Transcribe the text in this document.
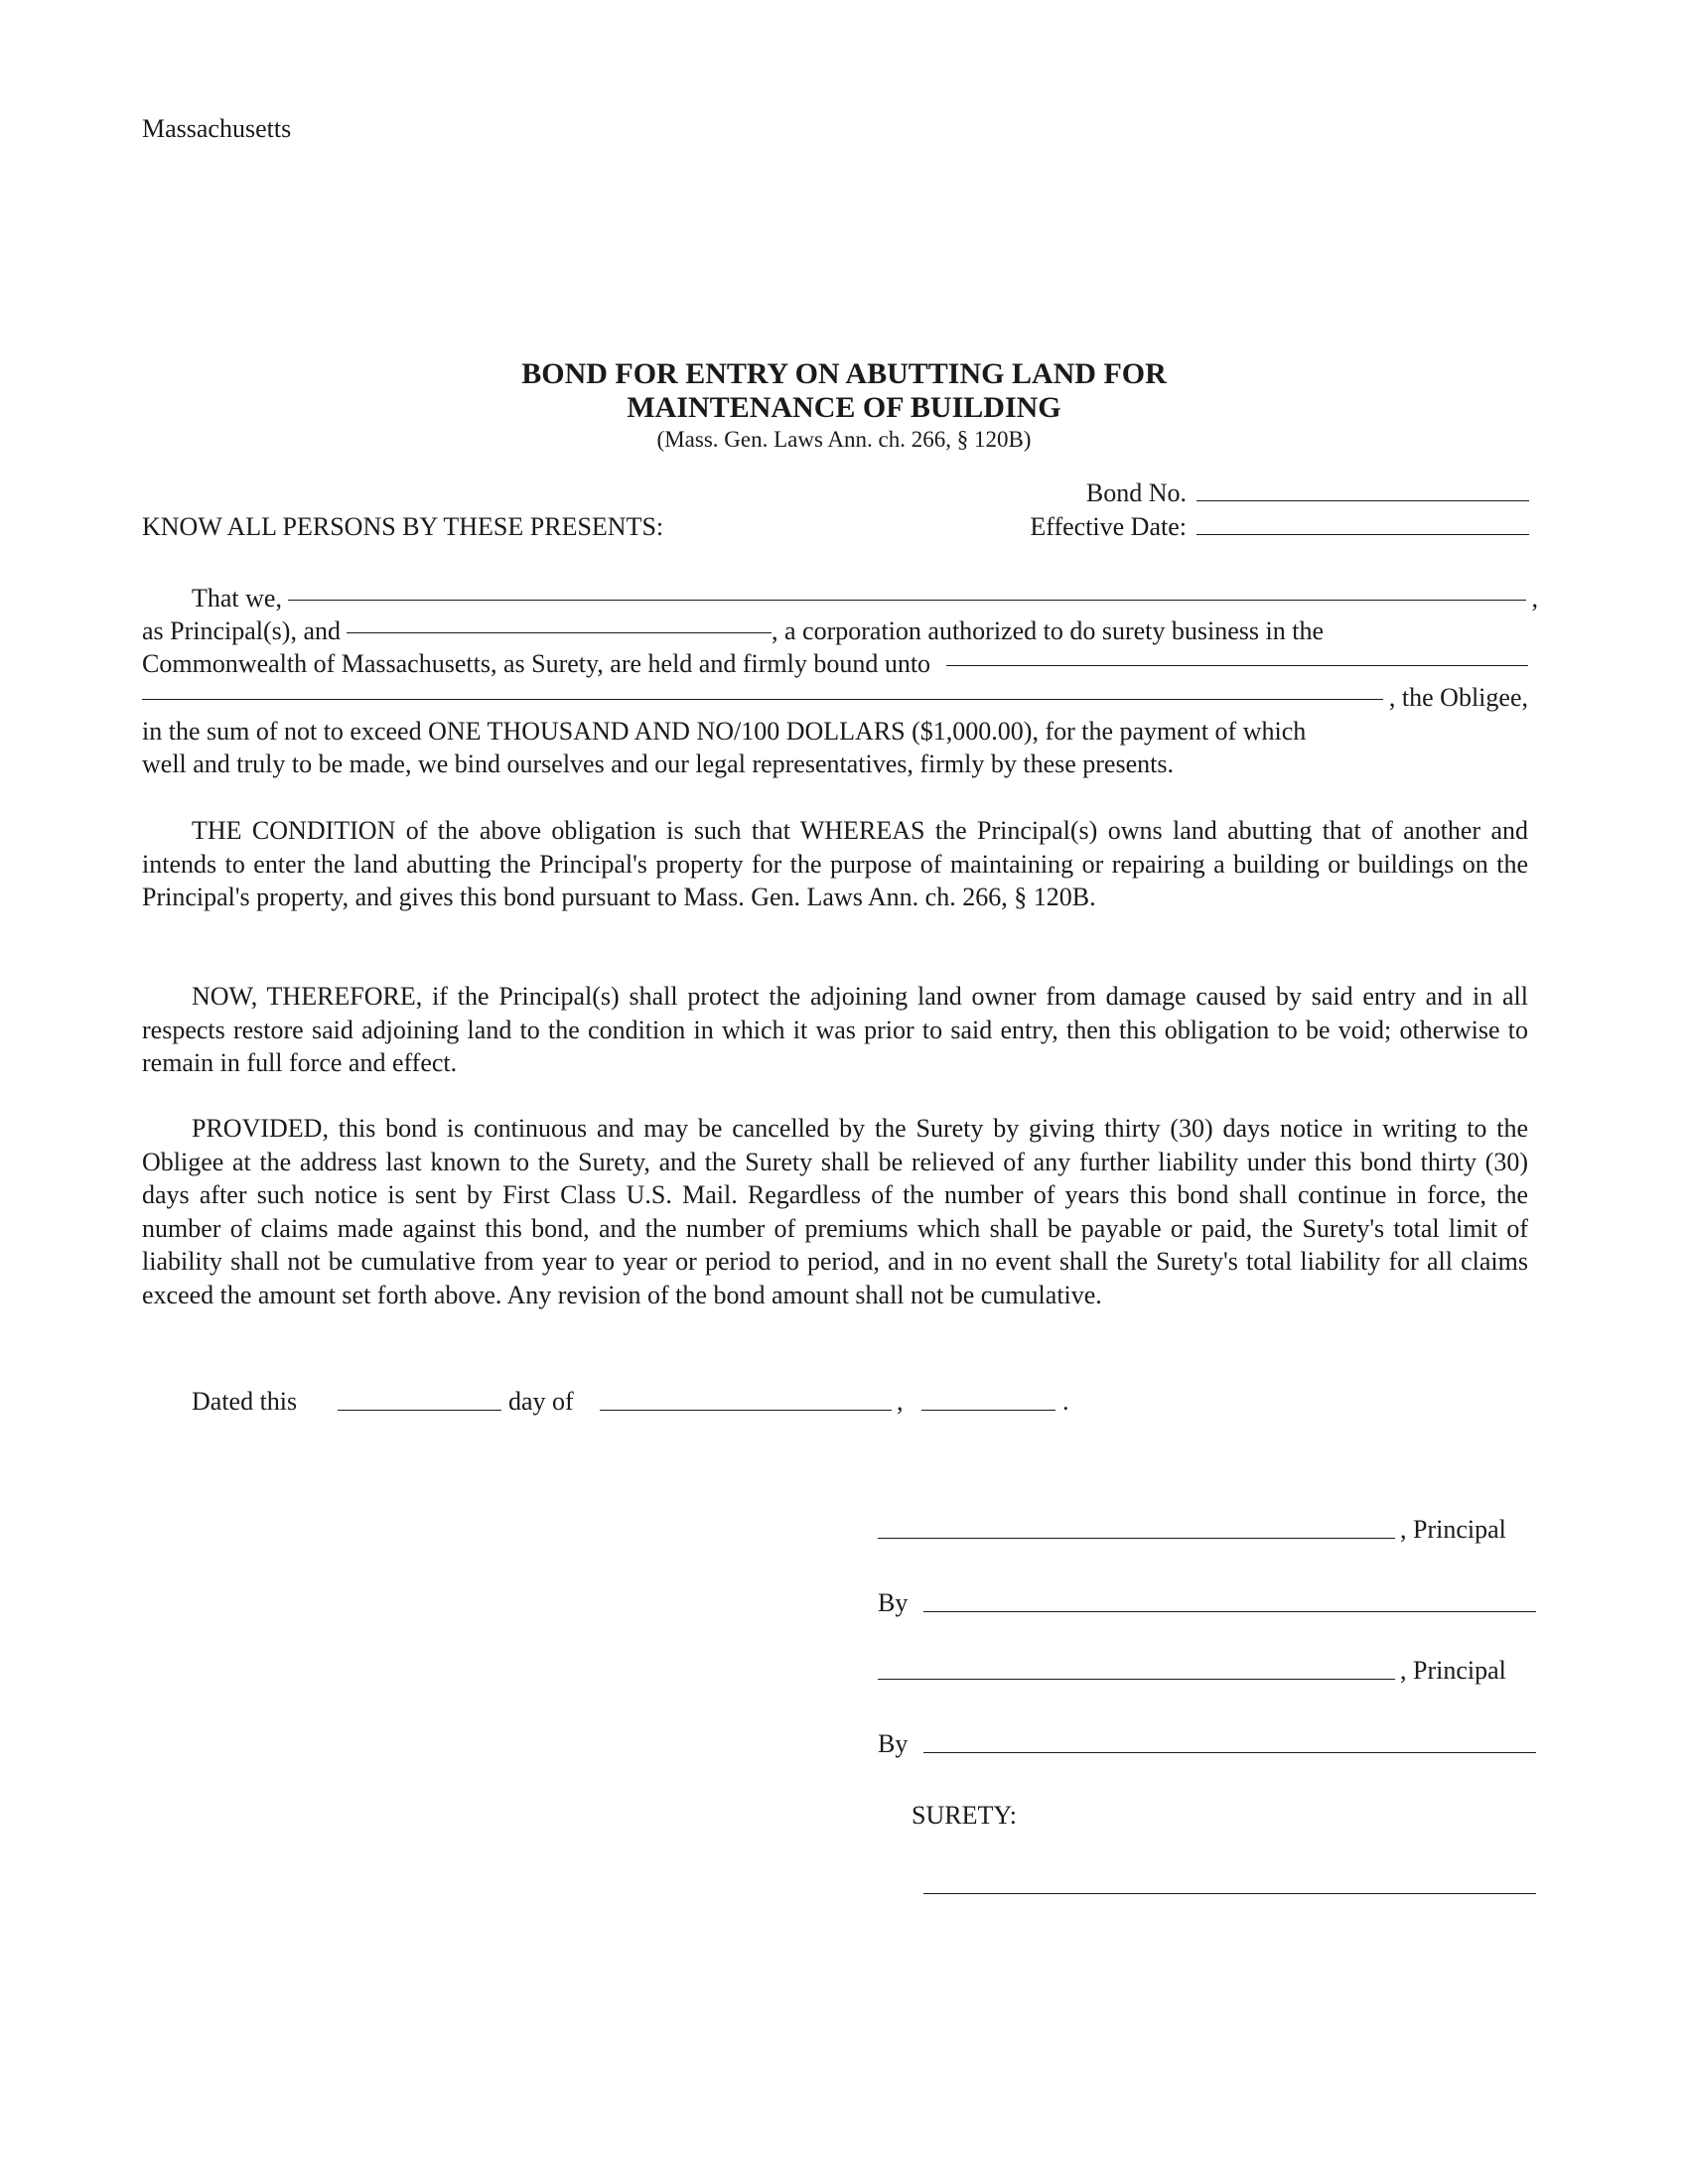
Massachusetts
BOND FOR ENTRY ON ABUTTING LAND FOR
MAINTENANCE OF BUILDING
(Mass. Gen. Laws Ann. ch. 266, § 120B)
Bond No.
KNOW ALL PERSONS BY THESE PRESENTS:	Effective Date:
That we,	,
as Principal(s), and	, a corporation authorized to do surety business in the
Commonwealth of Massachusetts, as Surety, are held and firmly bound unto
, the Obligee,
in the sum of not to exceed ONE THOUSAND AND NO/100 DOLLARS ($1,000.00), for the payment of which
well and truly to be made, we bind ourselves and our legal representatives, firmly by these presents.

THE CONDITION of the above obligation is such that WHEREAS the Principal(s) owns land abutting that of another and intends to enter the land abutting the Principal's property for the purpose of maintaining or repairing a building or buildings on the Principal's property, and gives this bond pursuant to Mass. Gen. Laws Ann. ch. 266, § 120B.

NOW, THEREFORE, if the Principal(s) shall protect the adjoining land owner from damage caused by said entry and in all respects restore said adjoining land to the condition in which it was prior to said entry, then this obligation to be void; otherwise to remain in full force and effect.

PROVIDED, this bond is continuous and may be cancelled by the Surety by giving thirty (30) days notice in writing to the Obligee at the address last known to the Surety, and the Surety shall be relieved of any further liability under this bond thirty (30) days after such notice is sent by First Class U.S. Mail. Regardless of the number of years this bond shall continue in force, the number of claims made against this bond, and the number of premiums which shall be payable or paid, the Surety's total limit of liability shall not be cumulative from year to year or period to period, and in no event shall the Surety's total liability for all claims exceed the amount set forth above. Any revision of the bond amount shall not be cumulative.

Dated this	day of	,	.
, Principal
By
, Principal
By
SURETY:
